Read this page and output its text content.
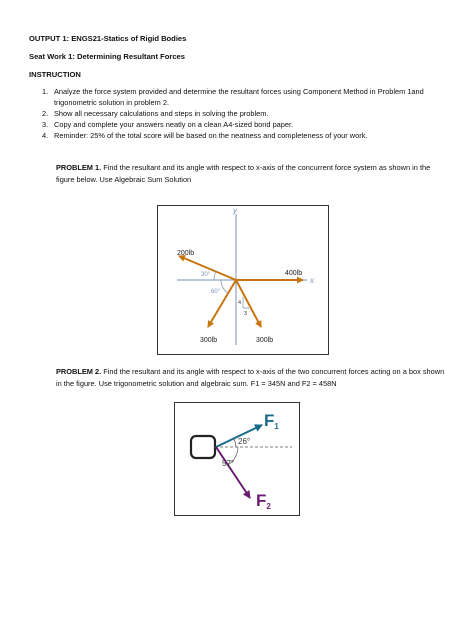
OUTPUT 1: ENGS21-Statics of Rigid Bodies
Seat Work 1: Determining Resultant Forces
INSTRUCTION
1. Analyze the force system provided and determine the resultant forces using Component Method in Problem 1and trigonometric solution in problem 2.
2. Show all necessary calculations and steps in solving the problem.
3. Copy and complete your answers neatly on a clean A4-sized bond paper.
4. Reminder: 25% of the total score will be based on the neatness and completeness of your work.

PROBLEM 1. Find the resultant and its angle with respect to x-axis of the concurrent force system as shown in the figure below. Use Algebraic Sum Solution

y
x
200lb
400lb
300lb	300lb
30°
60°
4
3

PROBLEM 2. Find the resultant and its angle with respect to x-axis of the two concurrent forces acting on a box shown in the figure. Use trigonometric solution and algebraic sum. F1 = 345N and F2 = 458N

26°
57°
F1
F2
